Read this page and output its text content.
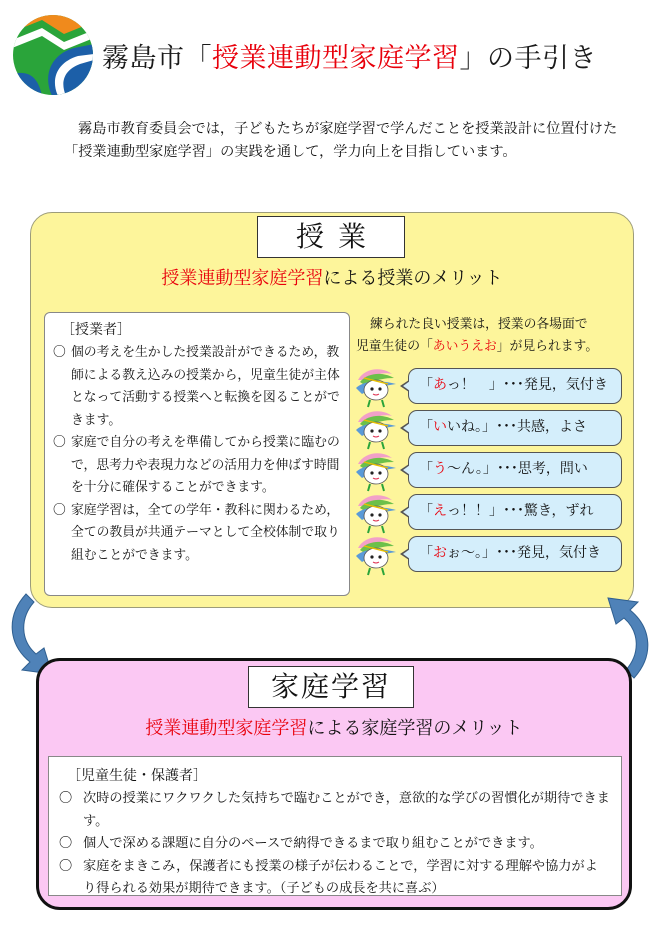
霧島市「授業連動型家庭学習」の手引き
霧島市教育委員会では，子どもたちが家庭学習で学んだことを授業設計に位置付けた「授業連動型家庭学習」の実践を通して，学力向上を目指しています。
授業
授業連動型家庭学習による授業のメリット
［授業者］
〇 個の考えを生かした授業設計ができるため，教師による教え込みの授業から，児童生徒が主体となって活動する授業へと転換を図ることができます。
〇 家庭で自分の考えを準備してから授業に臨むので，思考力や表現力などの活用力を伸ばす時間を十分に確保することができます。
〇 家庭学習は，全ての学年・教科に関わるため，全ての教員が共通テーマとして全校体制で取り組むことができます。
練られた良い授業は，授業の各場面で
児童生徒の「あいうえお」が見られます。
「あっ！　」･･･発見，気付き
「いいね。」･･･共感，よさ
「う～ん。」･･･思考，問い
「えっ！！」･･･驚き，ずれ
「おぉ～。」･･･発見，気付き
家庭学習
授業連動型家庭学習による家庭学習のメリット
［児童生徒・保護者］
〇 次時の授業にワクワクした気持ちで臨むことができ，意欲的な学びの習慣化が期待できます。
〇 個人で深める課題に自分のペースで納得できるまで取り組むことができます。
〇 家庭をまきこみ，保護者にも授業の様子が伝わることで，学習に対する理解や協力がより得られる効果が期待できます。（子どもの成長を共に喜ぶ）
